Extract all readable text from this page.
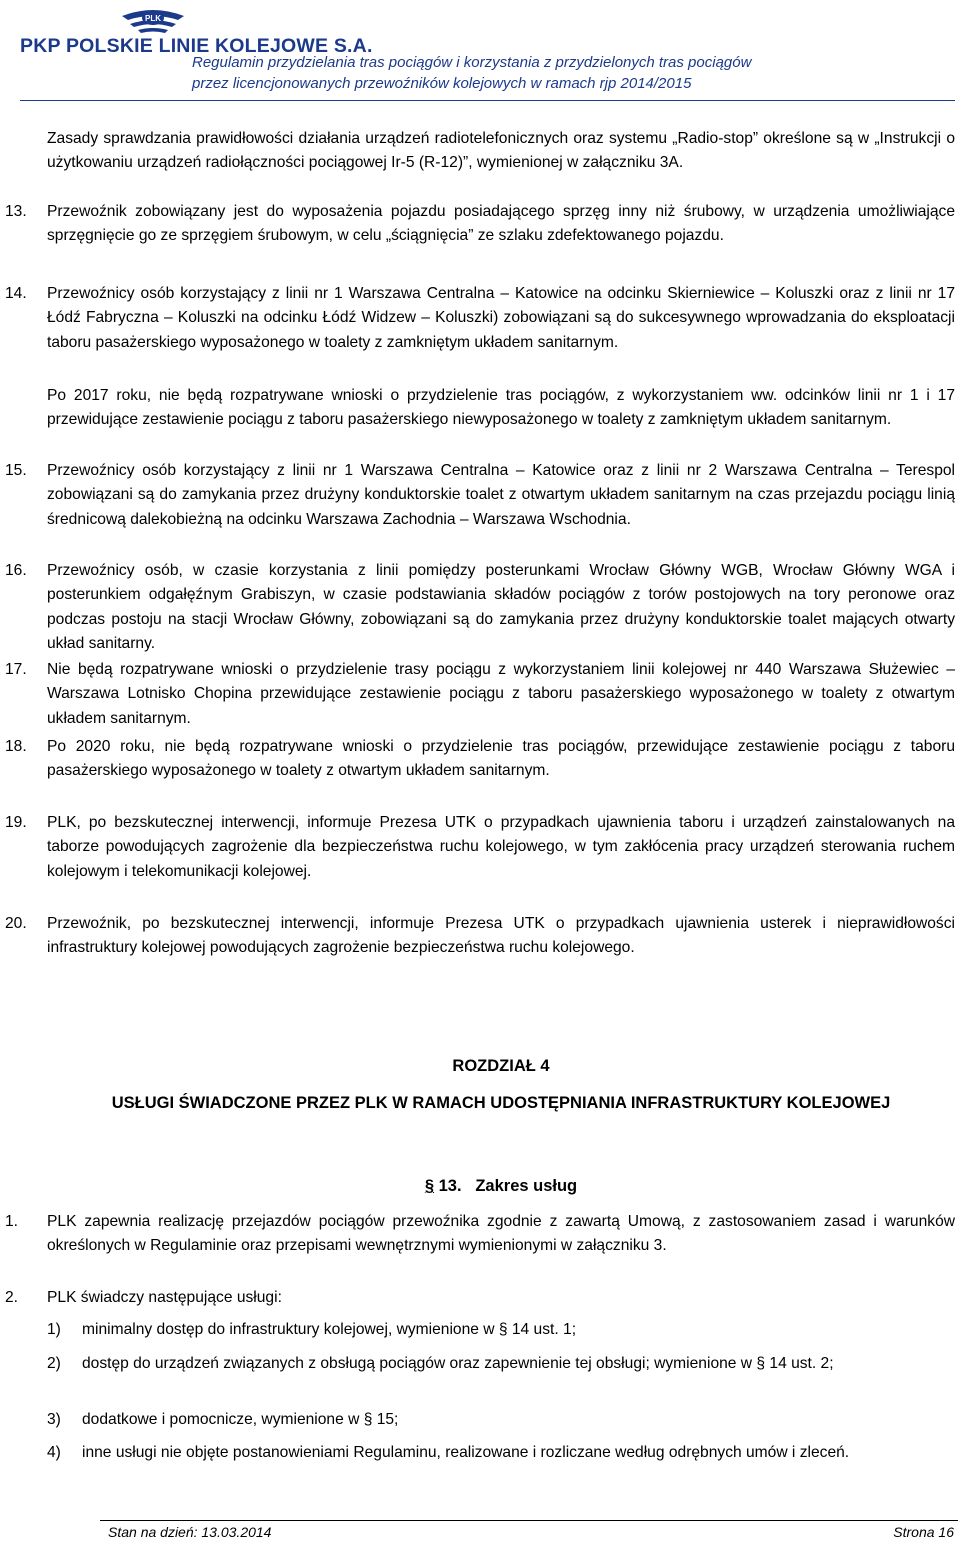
PLK
PKP POLSKIE LINIE KOLEJOWE S.A.
Regulamin przydzielania tras pociągów i korzystania z przydzielonych tras pociągów
przez licencjonowanych przewoźników kolejowych w ramach rjp 2014/2015

Zasady sprawdzania prawidłowości działania urządzeń radiotelefonicznych oraz systemu „Radio-stop” określone są w „Instrukcji o użytkowaniu urządzeń radiołączności pociągowej Ir-5 (R-12)”, wymienionej w załączniku 3A.

13. Przewoźnik zobowiązany jest do wyposażenia pojazdu posiadającego sprzęg inny niż śrubowy, w urządzenia umożliwiające sprzęgnięcie go ze sprzęgiem śrubowym, w celu „ściągnięcia” ze szlaku zdefektowanego pojazdu.

14. Przewoźnicy osób korzystający z linii nr 1 Warszawa Centralna – Katowice na odcinku Skierniewice – Koluszki oraz z linii nr 17 Łódź Fabryczna – Koluszki na odcinku Łódź Widzew – Koluszki) zobowiązani są do sukcesywnego wprowadzania do eksploatacji taboru pasażerskiego wyposażonego w toalety z zamkniętym układem sanitarnym.

Po 2017 roku, nie będą rozpatrywane wnioski o przydzielenie tras pociągów, z wykorzystaniem ww. odcinków linii nr 1 i 17 przewidujące zestawienie pociągu z taboru pasażerskiego niewyposażonego w toalety z zamkniętym układem sanitarnym.

15. Przewoźnicy osób korzystający z linii nr 1 Warszawa Centralna – Katowice oraz z linii nr 2 Warszawa Centralna – Terespol zobowiązani są do zamykania przez drużyny konduktorskie toalet z otwartym układem sanitarnym na czas przejazdu pociągu linią średnicową dalekobieżną na odcinku Warszawa Zachodnia – Warszawa Wschodnia.

16. Przewoźnicy osób, w czasie korzystania z linii pomiędzy posterunkami Wrocław Główny WGB, Wrocław Główny WGA i posterunkiem odgałęźnym Grabiszyn, w czasie podstawiania składów pociągów z torów postojowych na tory peronowe oraz podczas postoju na stacji Wrocław Główny, zobowiązani są do zamykania przez drużyny konduktorskie toalet mających otwarty układ sanitarny.

17. Nie będą rozpatrywane wnioski o przydzielenie trasy pociągu z wykorzystaniem linii kolejowej nr 440 Warszawa Służewiec – Warszawa Lotnisko Chopina przewidujące zestawienie pociągu z taboru pasażerskiego wyposażonego w toalety z otwartym układem sanitarnym.

18. Po 2020 roku, nie będą rozpatrywane wnioski o przydzielenie tras pociągów, przewidujące zestawienie pociągu z taboru pasażerskiego wyposażonego w toalety z otwartym układem sanitarnym.

19. PLK, po bezskutecznej interwencji, informuje Prezesa UTK o przypadkach ujawnienia taboru i urządzeń zainstalowanych na taborze powodujących zagrożenie dla bezpieczeństwa ruchu kolejowego, w tym zakłócenia pracy urządzeń sterowania ruchem kolejowym i telekomunikacji kolejowej.

20. Przewoźnik, po bezskutecznej interwencji, informuje Prezesa UTK o przypadkach ujawnienia usterek i nieprawidłowości infrastruktury kolejowej powodujących zagrożenie bezpieczeństwa ruchu kolejowego.

ROZDZIAŁ 4
USŁUGI ŚWIADCZONE PRZEZ PLK W RAMACH UDOSTĘPNIANIA INFRASTRUKTURY KOLEJOWEJ
§ 13. Zakres usług
1. PLK zapewnia realizację przejazdów pociągów przewoźnika zgodnie z zawartą Umową, z zastosowaniem zasad i warunków określonych w Regulaminie oraz przepisami wewnętrznymi wymienionymi w załączniku 3.

2. PLK świadczy następujące usługi:

1) minimalny dostęp do infrastruktury kolejowej, wymienione w § 14 ust. 1;

2) dostęp do urządzeń związanych z obsługą pociągów oraz zapewnienie tej obsługi; wymienione w § 14 ust. 2;

3) dodatkowe i pomocnicze, wymienione w § 15;

4) inne usługi nie objęte postanowieniami Regulaminu, realizowane i rozliczane według odrębnych umów i zleceń.

Stan na dzień: 13.03.2014	Strona 16
